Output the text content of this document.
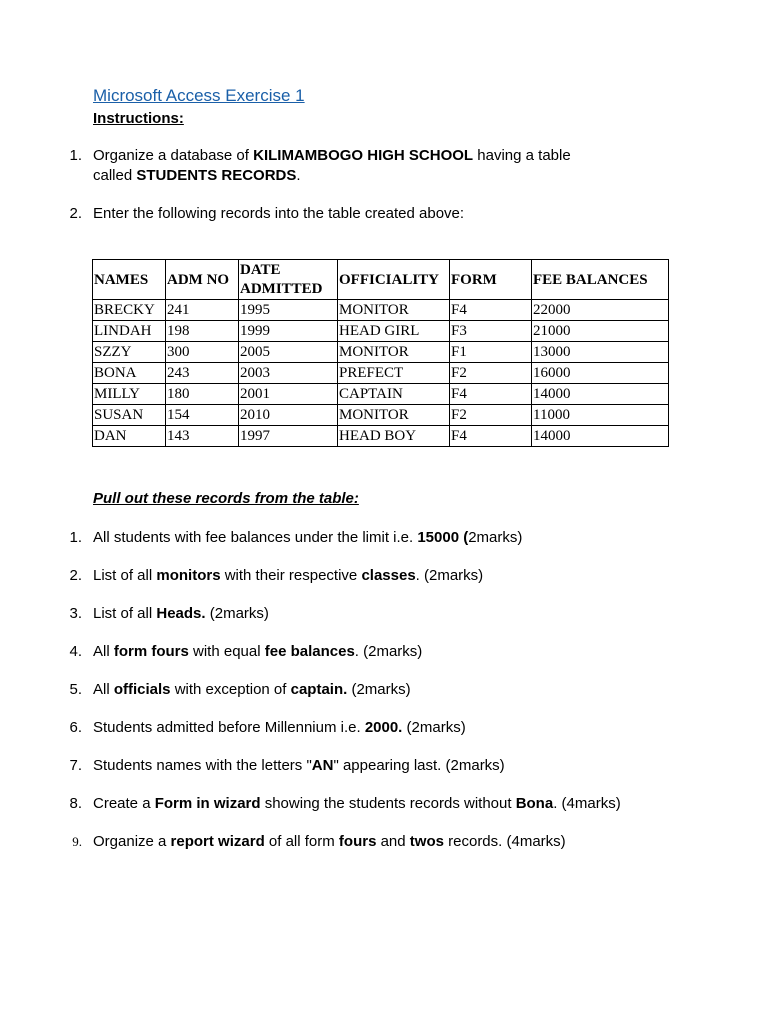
Microsoft Access Exercise 1
Instructions:
1. Organize a database of KILIMAMBOGO HIGH SCHOOL having a table
called STUDENTS RECORDS.
2. Enter the following records into the table created above:
NAMES	ADM NO	DATE ADMITTED	OFFICIALITY	FORM	FEE BALANCES
BRECKY	241	1995	MONITOR	F4	22000
LINDAH	198	1999	HEAD GIRL	F3	21000
SZZY	300	2005	MONITOR	F1	13000
BONA	243	2003	PREFECT	F2	16000
MILLY	180	2001	CAPTAIN	F4	14000
SUSAN	154	2010	MONITOR	F2	11000
DAN	143	1997	HEAD BOY	F4	14000
Pull out these records from the table:
1. All students with fee balances under the limit i.e. 15000 (2marks)
2. List of all monitors with their respective classes. (2marks)
3. List of all Heads. (2marks)
4. All form fours with equal fee balances. (2marks)
5. All officials with exception of captain. (2marks)
6. Students admitted before Millennium i.e. 2000. (2marks)
7. Students names with the letters "AN" appearing last. (2marks)
8. Create a Form in wizard showing the students records without Bona. (4marks)
9. Organize a report wizard of all form fours and twos records. (4marks)
